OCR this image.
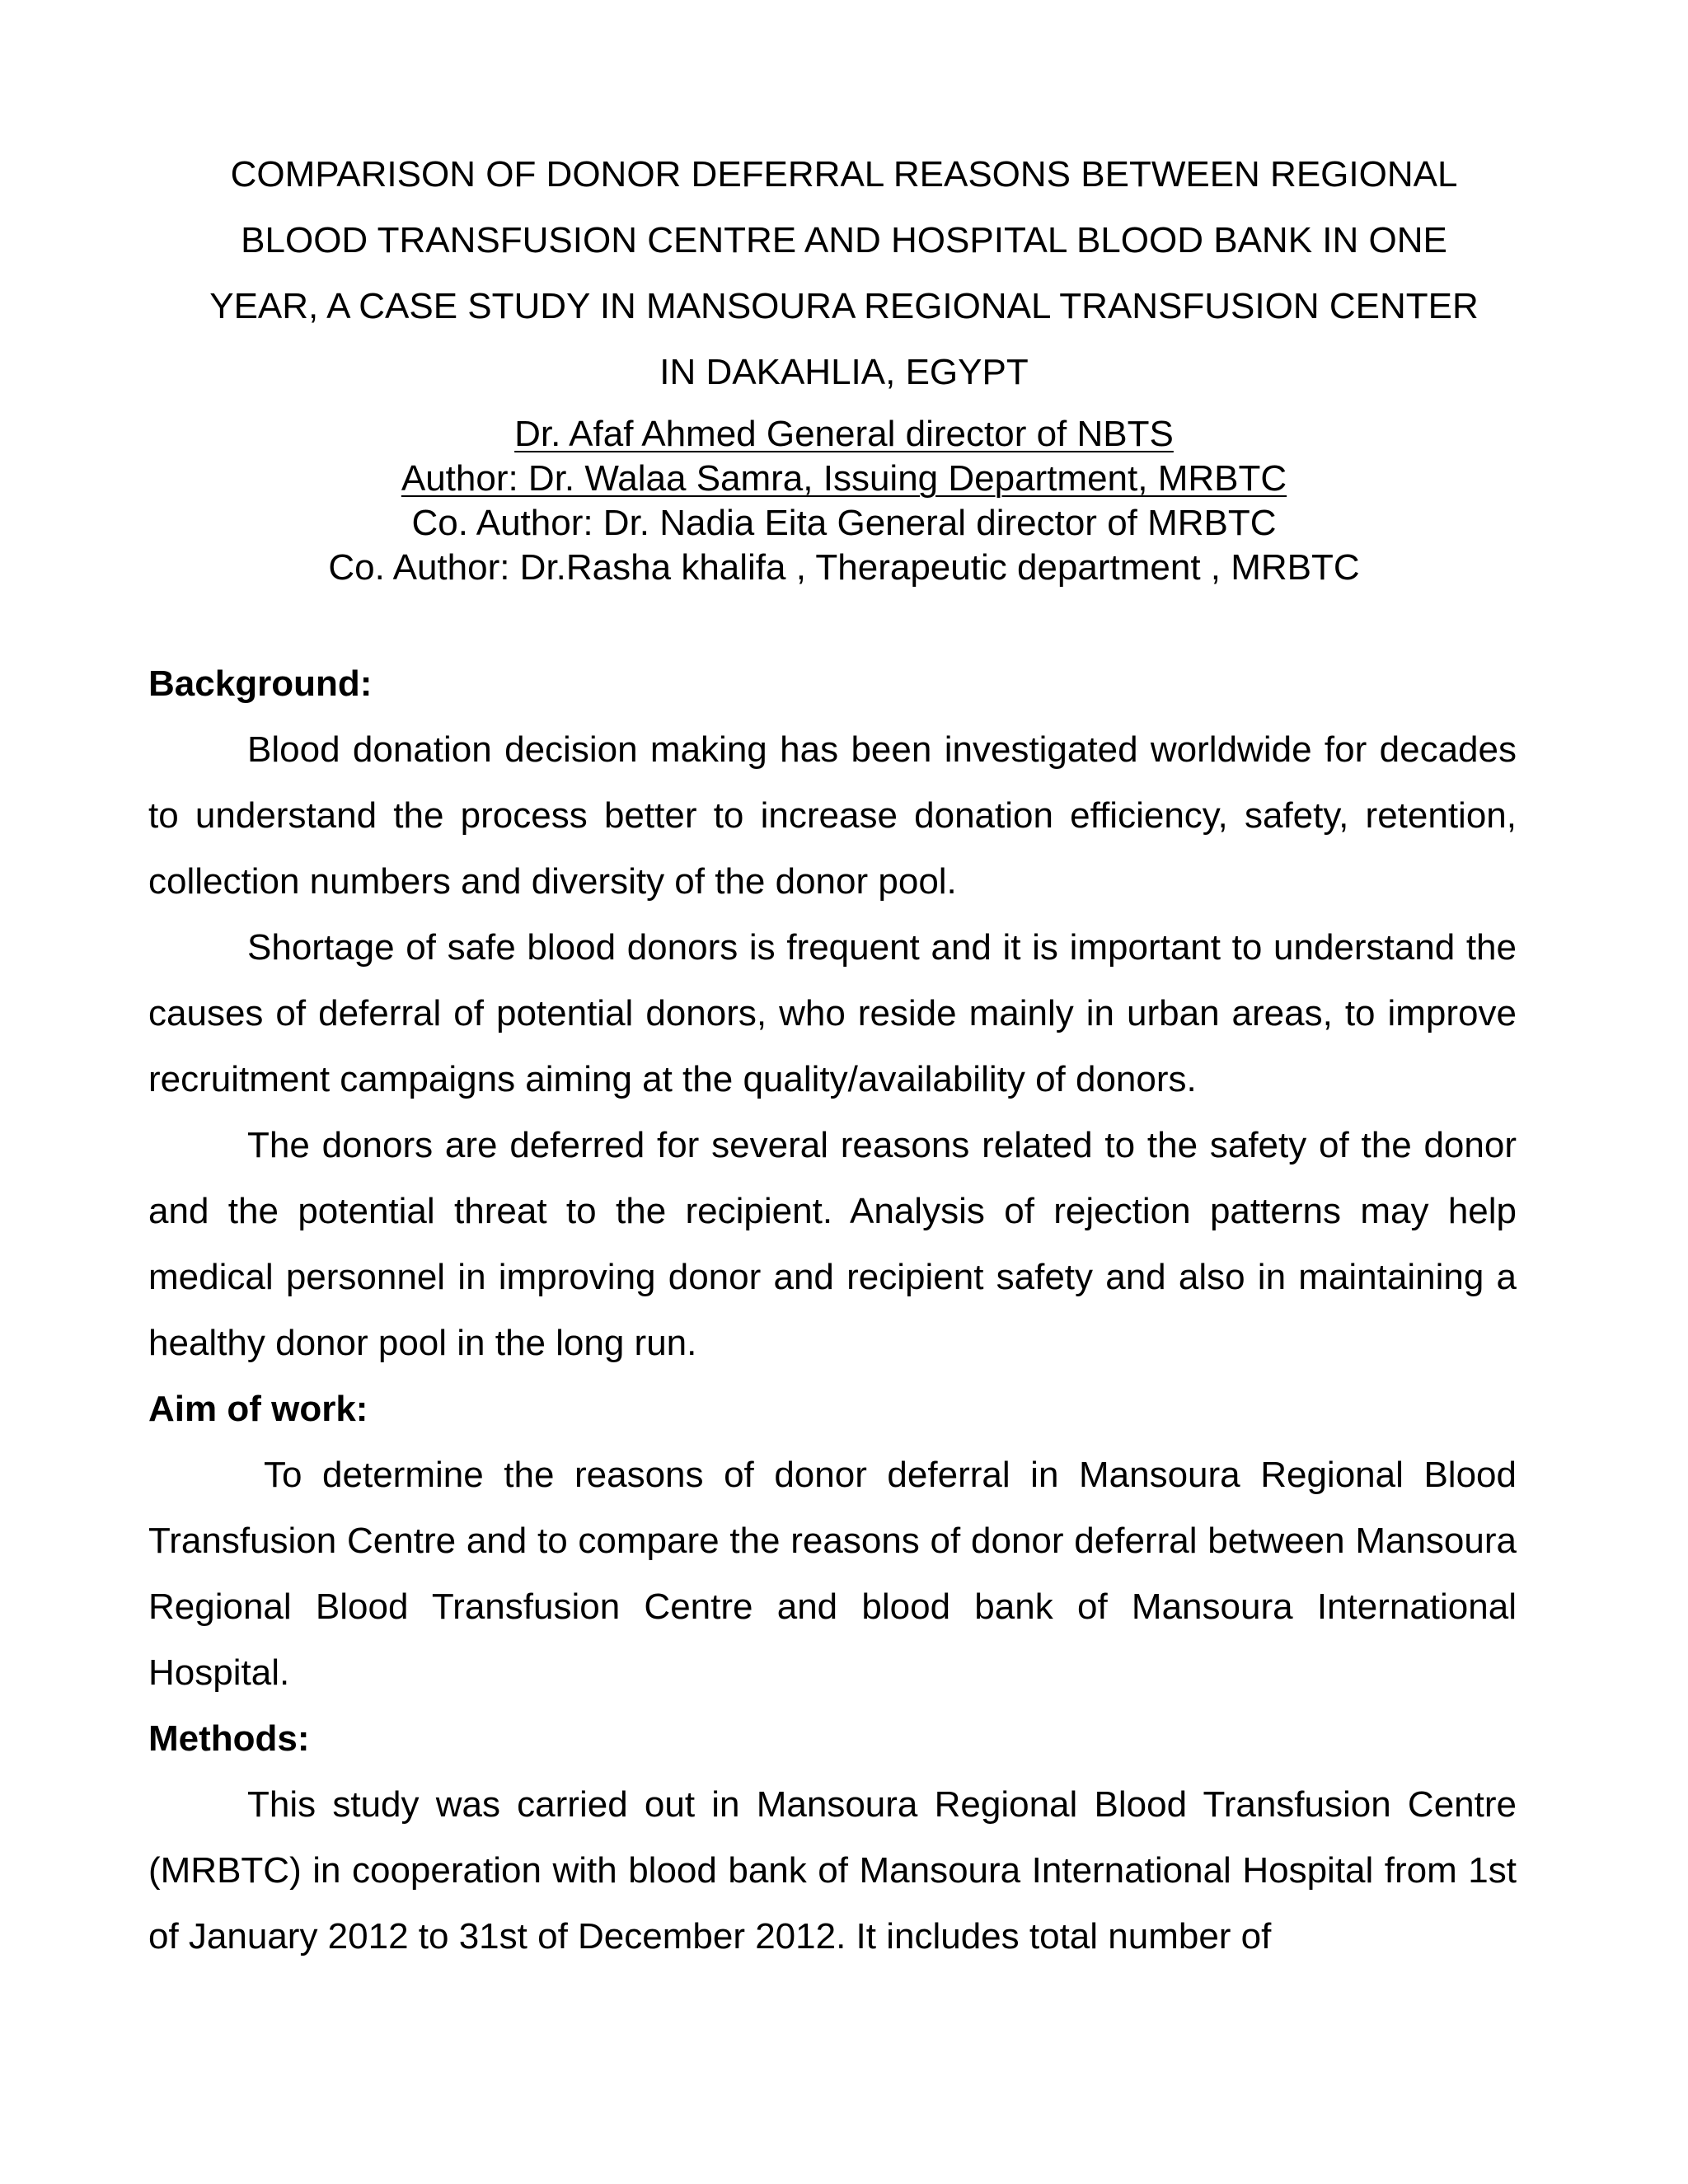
COMPARISON OF DONOR DEFERRAL REASONS BETWEEN REGIONAL
BLOOD TRANSFUSION CENTRE AND HOSPITAL BLOOD BANK IN ONE
YEAR, A CASE STUDY IN MANSOURA REGIONAL TRANSFUSION CENTER
IN DAKAHLIA, EGYPT
Dr. Afaf Ahmed General director of NBTS
Author: Dr. Walaa Samra, Issuing Department, MRBTC
Co. Author: Dr. Nadia Eita General director of MRBTC
Co. Author: Dr.Rasha khalifa , Therapeutic department , MRBTC

Background:

Blood donation decision making has been investigated worldwide for decades to understand the process better to increase donation efficiency, safety, retention, collection numbers and diversity of the donor pool.

Shortage of safe blood donors is frequent and it is important to understand the causes of deferral of potential donors, who reside mainly in urban areas, to improve recruitment campaigns aiming at the quality/availability of donors.

The donors are deferred for several reasons related to the safety of the donor and the potential threat to the recipient. Analysis of rejection patterns may help medical personnel in improving donor and recipient safety and also in maintaining a healthy donor pool in the long run.

Aim of work:

To determine the reasons of donor deferral in Mansoura Regional Blood Transfusion Centre and to compare the reasons of donor deferral between Mansoura Regional Blood Transfusion Centre and blood bank of Mansoura International Hospital.

Methods:

This study was carried out in Mansoura Regional Blood Transfusion Centre (MRBTC) in cooperation with blood bank of Mansoura International Hospital from 1st of January 2012 to 31st of December 2012. It includes total number of
